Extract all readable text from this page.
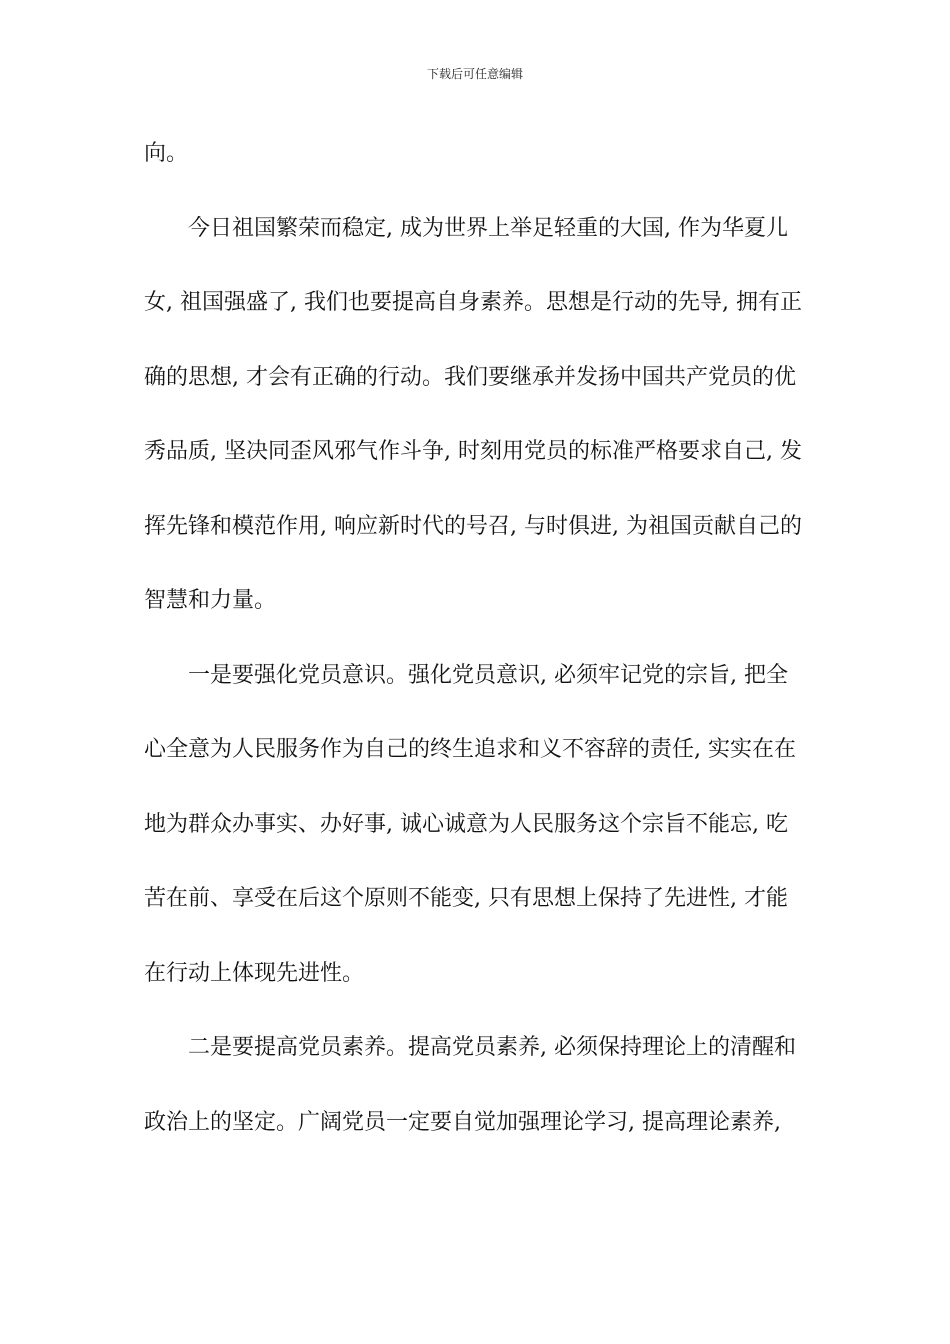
下载后可任意编辑
向。
今日祖国繁荣而稳定, 成为世界上举足轻重的大国, 作为华夏儿
女, 祖国强盛了, 我们也要提高自身素养。思想是行动的先导, 拥有正
确的思想, 才会有正确的行动。我们要继承并发扬中国共产党员的优
秀品质, 坚决同歪风邪气作斗争, 时刻用党员的标准严格要求自己, 发
挥先锋和模范作用, 响应新时代的号召, 与时俱进, 为祖国贡献自己的
智慧和力量。
一是要强化党员意识。强化党员意识, 必须牢记党的宗旨, 把全
心全意为人民服务作为自己的终生追求和义不容辞的责任, 实实在在
地为群众办事实、办好事, 诚心诚意为人民服务这个宗旨不能忘, 吃
苦在前、享受在后这个原则不能变, 只有思想上保持了先进性, 才能
在行动上体现先进性。
二是要提高党员素养。提高党员素养, 必须保持理论上的清醒和
政治上的坚定。广阔党员一定要自觉加强理论学习, 提高理论素养,
